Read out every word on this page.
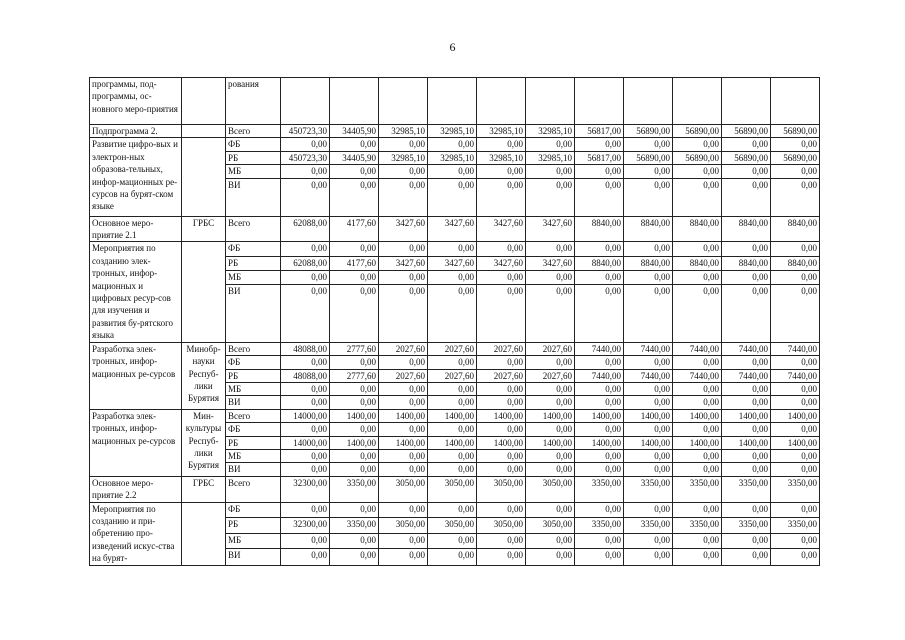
6
программы, под-программы, ос-новного меро-приятия		рования											
Подпрограмма 2.		Всего	450723,30	34405,90	32985,10	32985,10	32985,10	32985,10	56817,00	56890,00	56890,00	56890,00	56890,00
Развитие цифро-вых и электрон-ных образова-тельных, инфор-мационных ре-сурсов на бурят-ском языке		ФБ	0,00	0,00	0,00	0,00	0,00	0,00	0,00	0,00	0,00	0,00	0,00
		РБ	450723,30	34405,90	32985,10	32985,10	32985,10	32985,10	56817,00	56890,00	56890,00	56890,00	56890,00
		МБ	0,00	0,00	0,00	0,00	0,00	0,00	0,00	0,00	0,00	0,00	0,00
		ВИ	0,00	0,00	0,00	0,00	0,00	0,00	0,00	0,00	0,00	0,00	0,00
Основное меро-приятие 2.1	ГРБС	Всего	62088,00	4177,60	3427,60	3427,60	3427,60	3427,60	8840,00	8840,00	8840,00	8840,00	8840,00
Мероприятия по созданию элек-тронных, инфор-мационных и цифровых ресур-сов для изучения и развития бу-рятского языка		ФБ	0,00	0,00	0,00	0,00	0,00	0,00	0,00	0,00	0,00	0,00	0,00
		РБ	62088,00	4177,60	3427,60	3427,60	3427,60	3427,60	8840,00	8840,00	8840,00	8840,00	8840,00
		МБ	0,00	0,00	0,00	0,00	0,00	0,00	0,00	0,00	0,00	0,00	0,00
		ВИ	0,00	0,00	0,00	0,00	0,00	0,00	0,00	0,00	0,00	0,00	0,00
Разработка элек-тронных, инфор-мационных ре-сурсов	Минобр-науки Респуб-лики Бурятия	Всего	48088,00	2777,60	2027,60	2027,60	2027,60	2027,60	7440,00	7440,00	7440,00	7440,00	7440,00
		ФБ	0,00	0,00	0,00	0,00	0,00	0,00	0,00	0,00	0,00	0,00	0,00
		РБ	48088,00	2777,60	2027,60	2027,60	2027,60	2027,60	7440,00	7440,00	7440,00	7440,00	7440,00
		МБ	0,00	0,00	0,00	0,00	0,00	0,00	0,00	0,00	0,00	0,00	0,00
		ВИ	0,00	0,00	0,00	0,00	0,00	0,00	0,00	0,00	0,00	0,00	0,00
Разработка элек-тронных, инфор-мационных ре-сурсов	Мин-культуры Респуб-лики Бурятия	Всего	14000,00	1400,00	1400,00	1400,00	1400,00	1400,00	1400,00	1400,00	1400,00	1400,00	1400,00
		ФБ	0,00	0,00	0,00	0,00	0,00	0,00	0,00	0,00	0,00	0,00	0,00
		РБ	14000,00	1400,00	1400,00	1400,00	1400,00	1400,00	1400,00	1400,00	1400,00	1400,00	1400,00
		МБ	0,00	0,00	0,00	0,00	0,00	0,00	0,00	0,00	0,00	0,00	0,00
		ВИ	0,00	0,00	0,00	0,00	0,00	0,00	0,00	0,00	0,00	0,00	0,00
Основное меро-приятие 2.2	ГРБС	Всего	32300,00	3350,00	3050,00	3050,00	3050,00	3050,00	3350,00	3350,00	3350,00	3350,00	3350,00
Мероприятия по созданию и при-обретению про-изведений искус-ства на бурят-		ФБ	0,00	0,00	0,00	0,00	0,00	0,00	0,00	0,00	0,00	0,00	0,00
		РБ	32300,00	3350,00	3050,00	3050,00	3050,00	3050,00	3350,00	3350,00	3350,00	3350,00	3350,00
		МБ	0,00	0,00	0,00	0,00	0,00	0,00	0,00	0,00	0,00	0,00	0,00
		ВИ	0,00	0,00	0,00	0,00	0,00	0,00	0,00	0,00	0,00	0,00	0,00
